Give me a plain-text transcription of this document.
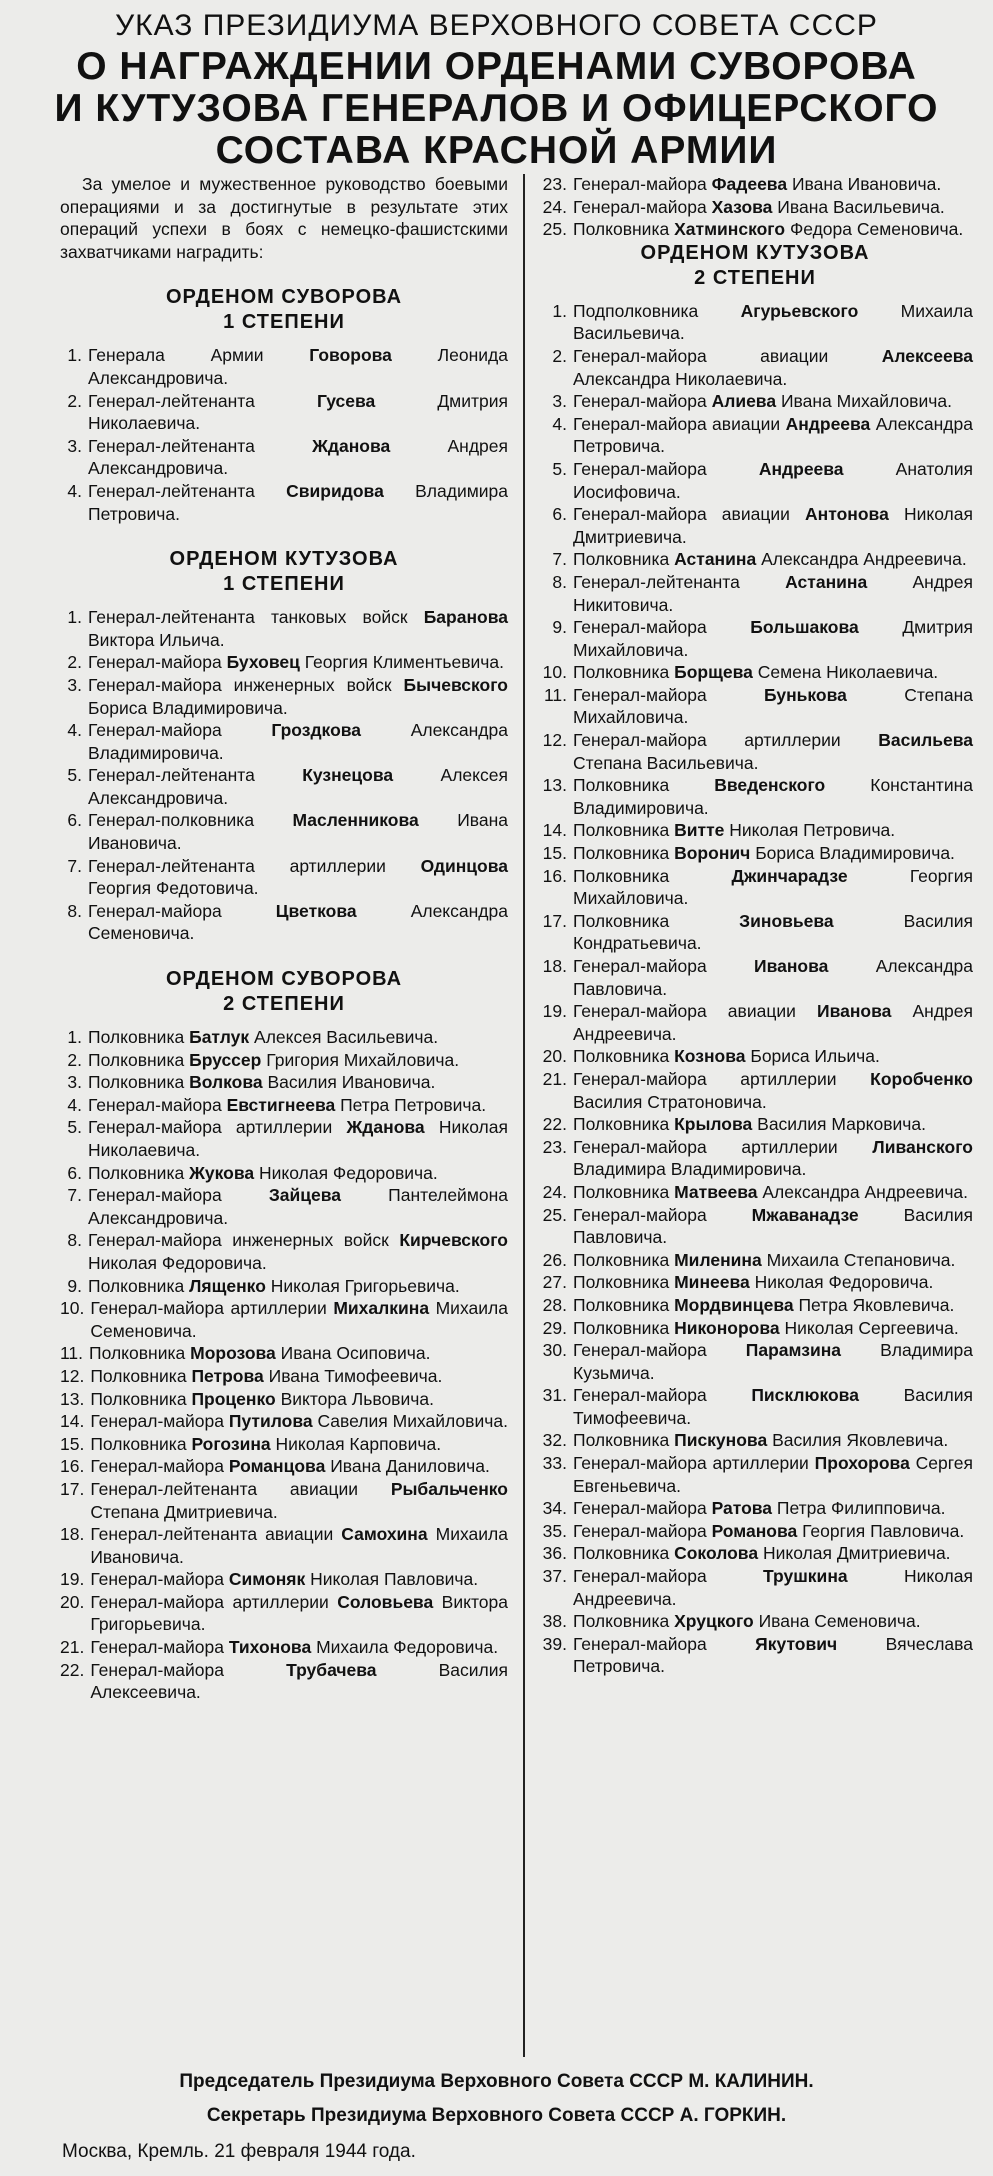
УКАЗ ПРЕЗИДИУМА ВЕРХОВНОГО СОВЕТА СССР
О НАГРАЖДЕНИИ ОРДЕНАМИ СУВОРОВА
И КУТУЗОВА ГЕНЕРАЛОВ И ОФИЦЕРСКОГО
СОСТАВА КРАСНОЙ АРМИИ

За умелое и мужественное руководство боевыми операциями и за достигнутые в результате этих операций успехи в боях с немецко-фашистскими захватчиками наградить:

ОРДЕНОМ СУВОРОВА
1 СТЕПЕНИ
1. Генерала Армии	Говорова	Леонида Александровича.
2. Генерал-лейтенанта	Гусева	Дмитрия Николаевича.
3. Генерал-лейтенанта	Жданова	Андрея Александровича.
4. Генерал-лейтенанта Свиридова Владимира Петровича.
ОРДЕНОМ КУТУЗОВА
1 СТЕПЕНИ
1. Генерал-лейтенанта танковых войск Баранова Виктора Ильича.
2. Генерал-майора Буховец Георгия Климентьевича.
3. Генерал-майора инженерных войск Бычевского Бориса Владимировича.
4. Генерал-майора	Гроздкова	Александра Владимировича.
5. Генерал-лейтенанта	Кузнецова	Алексея Александровича.
6. Генерал-полковника Масленникова Ивана Ивановича.
7. Генерал-лейтенанта артиллерии Одинцова Георгия Федотовича.
8. Генерал-майора	Цветкова	Александра Семеновича.
ОРДЕНОМ СУВОРОВА
2 СТЕПЕНИ
1. Полковника Батлук Алексея Васильевича.
2. Полковника Бруссер Григория Михайловича.
3. Полковника Волкова Василия Ивановича.
4. Генерал-майора Евстигнеева Петра Петровича.
5. Генерал-майора артиллерии Жданова Николая Николаевича.
6. Полковника Жукова Николая Федоровича.
7. Генерал-майора	Зайцева	Пантелеймона Александровича.
8. Генерал-майора инженерных войск Кирчевского Николая Федоровича.
9. Полковника Лященко Николая Григорьевича.
10. Генерал-майора артиллерии Михалкина Михаила Семеновича.
11. Полковника Морозова Ивана Осиповича.
12. Полковника Петрова Ивана Тимофеевича.
13. Полковника Проценко Виктора Львовича.
14. Генерал-майора Путилова Савелия Михайловича.
15. Полковника Рогозина Николая Карповича.
16. Генерал-майора Романцова Ивана Даниловича.
17. Генерал-лейтенанта авиации Рыбальченко Степана Дмитриевича.
18. Генерал-лейтенанта авиации Самохина Михаила Ивановича.
19. Генерал-майора Симоняк Николая Павловича.
20. Генерал-майора артиллерии Соловьева Виктора Григорьевича.
21. Генерал-майора Тихонова Михаила Федоровича.
22. Генерал-майора	Трубачева	Василия Алексеевича.
23. Генерал-майора Фадеева Ивана Ивановича.
24. Генерал-майора Хазова Ивана Васильевича.
25. Полковника Хатминского Федора Семеновича.
ОРДЕНОМ КУТУЗОВА
2 СТЕПЕНИ
1. Подполковника Агурьевского Михаила Васильевича.
2. Генерал-майора авиации	Алексеева Александра Николаевича.
3. Генерал-майора Алиева Ивана Михайловича.
4. Генерал-майора авиации Андреева Александра Петровича.
5. Генерал-майора	Андреева	Анатолия Иосифовича.
6. Генерал-майора авиации Антонова Николая Дмитриевича.
7. Полковника Астанина Александра Андреевича.
8. Генерал-лейтенанта	Астанина	Андрея Никитовича.
9. Генерал-майора Большакова Дмитрия Михайловича.
10. Полковника Борщева Семена Николаевича.
11. Генерал-майора	Бунькова	Степана Михайловича.
12. Генерал-майора артиллерии Васильева Степана Васильевича.
13. Полковника	Введенского	Константина Владимировича.
14. Полковника Витте Николая Петровича.
15. Полковника Воронич Бориса Владимировича.
16. Полковника	Джинчарадзе	Георгия Михайловича.
17. Полковника	Зиновьева	Василия Кондратьевича.
18. Генерал-майора	Иванова	Александра Павловича.
19. Генерал-майора авиации Иванова Андрея Андреевича.
20. Полковника Кознова Бориса Ильича.
21. Генерал-майора артиллерии Коробченко Василия Стратоновича.
22. Полковника Крылова Василия Марковича.
23. Генерал-майора артиллерии Ливанского Владимира Владимировича.
24. Полковника Матвеева Александра Андреевича.
25. Генерал-майора	Мжаванадзе	Василия Павловича.
26. Полковника Миленина Михаила Степановича.
27. Полковника Минеева Николая Федоровича.
28. Полковника Мордвинцева Петра Яковлевича.
29. Полковника Никонорова Николая Сергеевича.
30. Генерал-майора Парамзина Владимира Кузьмича.
31. Генерал-майора	Писклюкова	Василия Тимофеевича.
32. Полковника Пискунова Василия Яковлевича.
33. Генерал-майора артиллерии Прохорова Сергея Евгеньевича.
34. Генерал-майора Ратова Петра Филипповича.
35. Генерал-майора Романова Георгия Павловича.
36. Полковника Соколова Николая Дмитриевича.
37. Генерал-майора	Трушкина	Николая Андреевича.
38. Полковника Хруцкого Ивана Семеновича.
39. Генерал-майора	Якутович	Вячеслава Петровича.
Председатель Президиума Верховного Совета СССР М. КАЛИНИН.
Секретарь Президиума Верховного Совета СССР А. ГОРКИН.
Москва, Кремль. 21 февраля 1944 года.
